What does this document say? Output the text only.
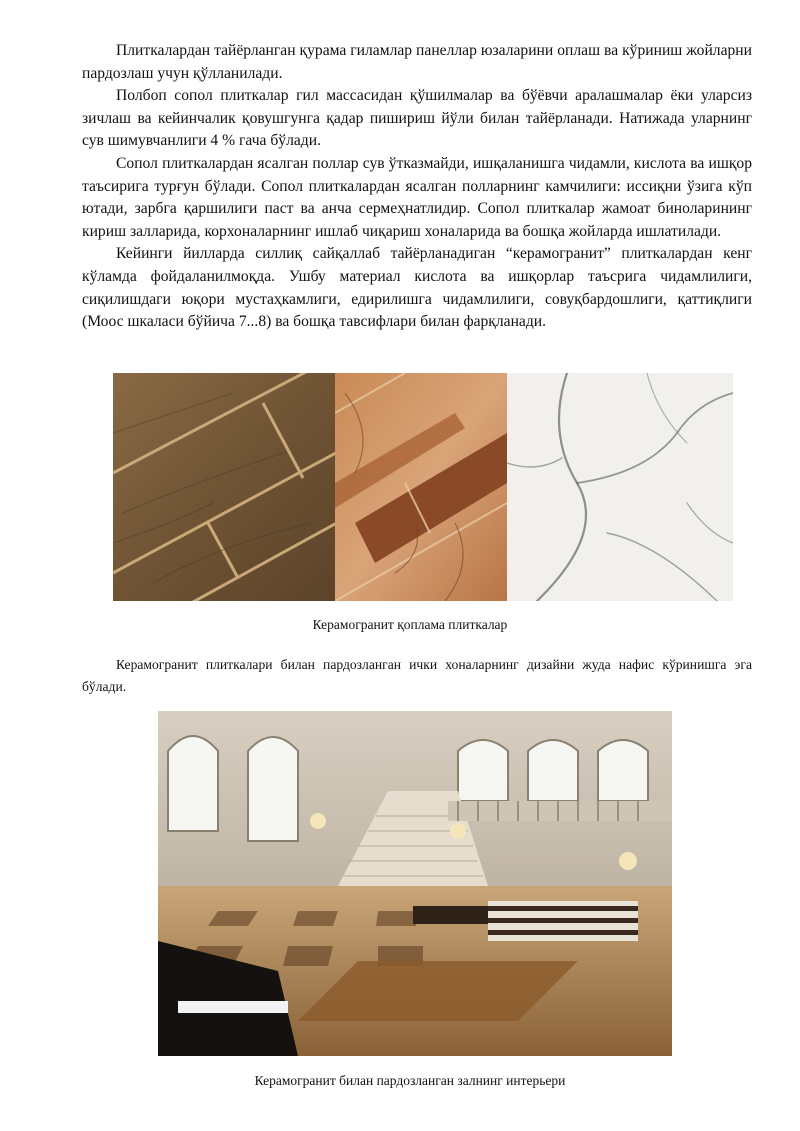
Плиткалардан тайёрланган қурама гиламлар панеллар юзаларини оплаш ва кўриниш жойларни пардозлаш учун қўлланилади.

Полбоп сопол плиткалар гил массасидан қўшилмалар ва бўёвчи аралашмалар ёки уларсиз зичлаш ва кейинчалик қовушгунга қадар пишириш йўли билан тайёрланади. Натижада уларнинг сув шимувчанлиги 4 % гача бўлади.

Сопол плиткалардан ясалган поллар сув ўтказмайди, ишқаланишга чидамли, кислота ва ишқор таъсирига турғун бўлади. Сопол плиткалардан ясалган полларнинг камчилиги: иссиқни ўзига кўп ютади, зарбга қаршилиги паст ва анча сермеҳнатлидир. Сопол плиткалар жамоат биноларининг кириш залларида, корхоналарнинг ишлаб чиқариш хоналарида ва бошқа жойларда ишлатилади.

Кейинги йилларда силлиқ сайқаллаб тайёрланадиган “керамогранит” плиткалардан кенг кўламда фойдаланилмоқда. Ушбу материал кислота ва ишқорлар таъсрига чидамлилиги, сиқилишдаги юқори мустаҳкамлиги, едирилишга чидамлилиги, совуқбардошлиги, қаттиқлиги (Моос шкаласи бўйича 7...8) ва бошқа тавсифлари билан фарқланади.

Керамогранит қоплама плиткалар

Керамогранит плиткалари билан пардозланган ички хоналарнинг дизайни жуда нафис кўринишга эга бўлади.

Керамогранит билан пардозланган залнинг интерьери
